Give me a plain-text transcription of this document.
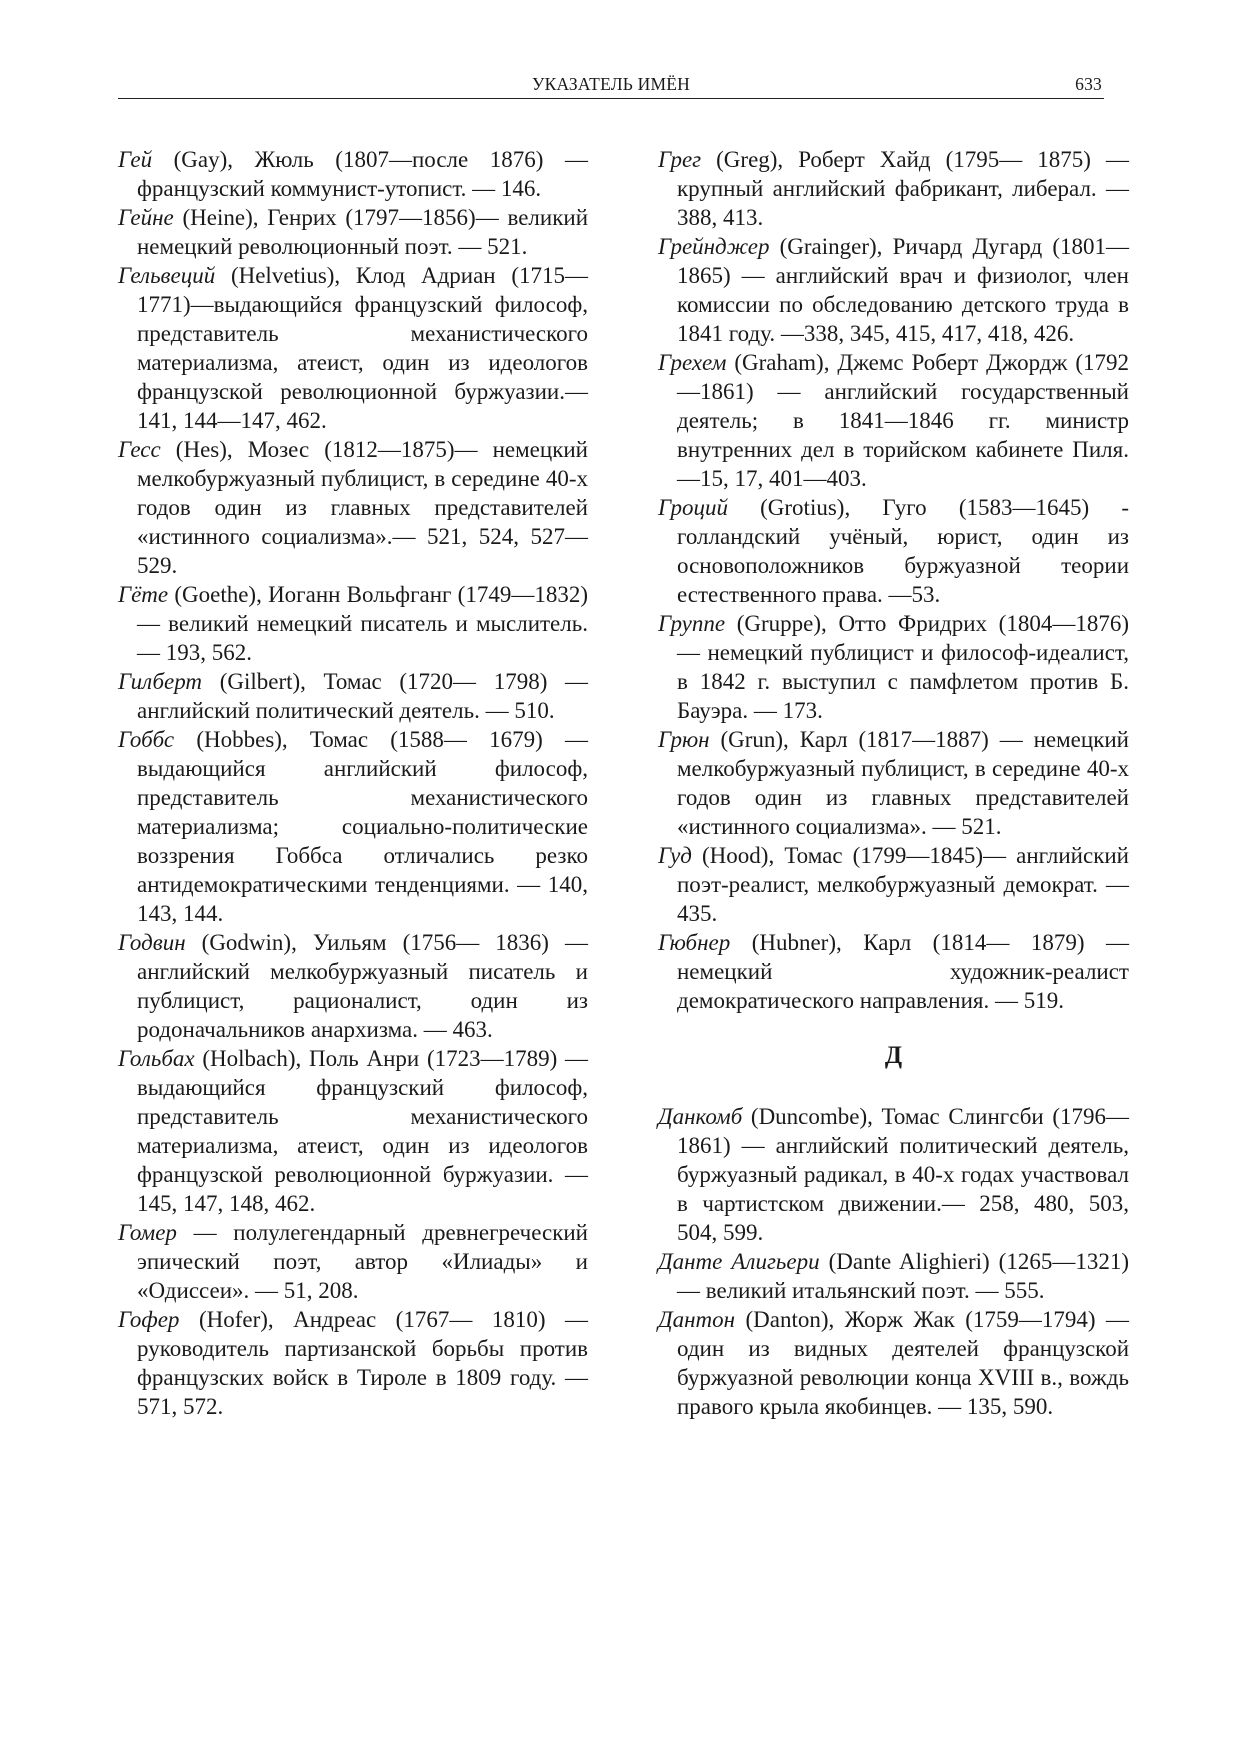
УКАЗАТЕЛЬ ИМЁН	633

Гей (Gay), Жюль (1807—после 1876) — французский коммунист-утопист. — 146.

Гейне (Heine), Генрих (1797—1856)— великий немецкий революционный поэт. — 521.

Гельвеций (Helvetius), Клод Адриан (1715—1771)—выдающийся французский философ, представитель механистического материализма, атеист, один из идеологов французской революционной буржуазии.—141, 144—147, 462.

Гесс (Hes), Мозес (1812—1875)— немецкий мелкобуржуазный публицист, в середине 40-х годов один из главных представителей «истинного социализма».— 521, 524, 527—529.

Гёте (Goethe), Иоганн Вольфганг (1749—1832) — великий немецкий писатель и мыслитель. — 193, 562.

Гилберт (Gilbert), Томас (1720— 1798) — английский политический деятель. — 510.

Гоббс (Hobbes), Томас (1588— 1679) — выдающийся английский философ, представитель механистического материализма; социально-политические воззрения Гоббса отличались резко антидемократическими тенденциями. — 140, 143, 144.

Годвин (Godwin), Уильям (1756— 1836) — английский мелкобуржуазный писатель и публицист, рационалист, один из родоначальников анархизма. — 463.

Гольбах (Holbach), Поль Анри (1723—1789) — выдающийся французский философ, представитель механистического материализма, атеист, один из идеологов французской революционной буржуазии. — 145, 147, 148, 462.

Гомер — полулегендарный древнегреческий эпический поэт, автор «Илиады» и «Одиссеи». — 51, 208.

Гофер (Hofer), Андреас (1767— 1810) — руководитель партизанской борьбы против французских войск в Тироле в 1809 году. — 571, 572.

Грег (Greg), Роберт Хайд (1795— 1875) — крупный английский фабрикант, либерал. — 388, 413.

Грейнджер (Grainger), Ричард Дугард (1801—1865) — английский врач и физиолог, член комиссии по обследованию детского труда в 1841 году. —338, 345, 415, 417, 418, 426.

Грехем (Graham), Джемс Роберт Джордж (1792—1861) — английский государственный деятель; в 1841—1846 гг. министр внутренних дел в торийском кабинете Пиля.—15, 17, 401—403.

Гроций (Grotius), Гуго (1583—1645) - голландский учёный, юрист, один из основоположников буржуазной теории естественного права. —53.

Группе (Gruppe), Отто Фридрих (1804—1876) — немецкий публицист и философ-идеалист, в 1842 г. выступил с памфлетом против Б. Бауэра. — 173.

Грюн (Grun), Карл (1817—1887) — немецкий мелкобуржуазный публицист, в середине 40-х годов один из главных представителей «истинного социализма». — 521.

Гуд (Hood), Томас (1799—1845)— английский поэт-реалист, мелкобуржуазный демократ. — 435.

Гюбнер (Hubner), Карл (1814— 1879) — немецкий художник-реалист демократического направления. — 519.

Д

Данкомб (Duncombe), Томас Слингсби (1796—1861) — английский политический деятель, буржуазный радикал, в 40-х годах участвовал в чартистском движении.— 258, 480, 503, 504, 599.

Данте Алигьери (Dante Alighieri) (1265—1321) — великий итальянский поэт. — 555.

Дантон (Danton), Жорж Жак (1759—1794) — один из видных деятелей французской буржуазной революции конца XVIII в., вождь правого крыла якобинцев. — 135, 590.
